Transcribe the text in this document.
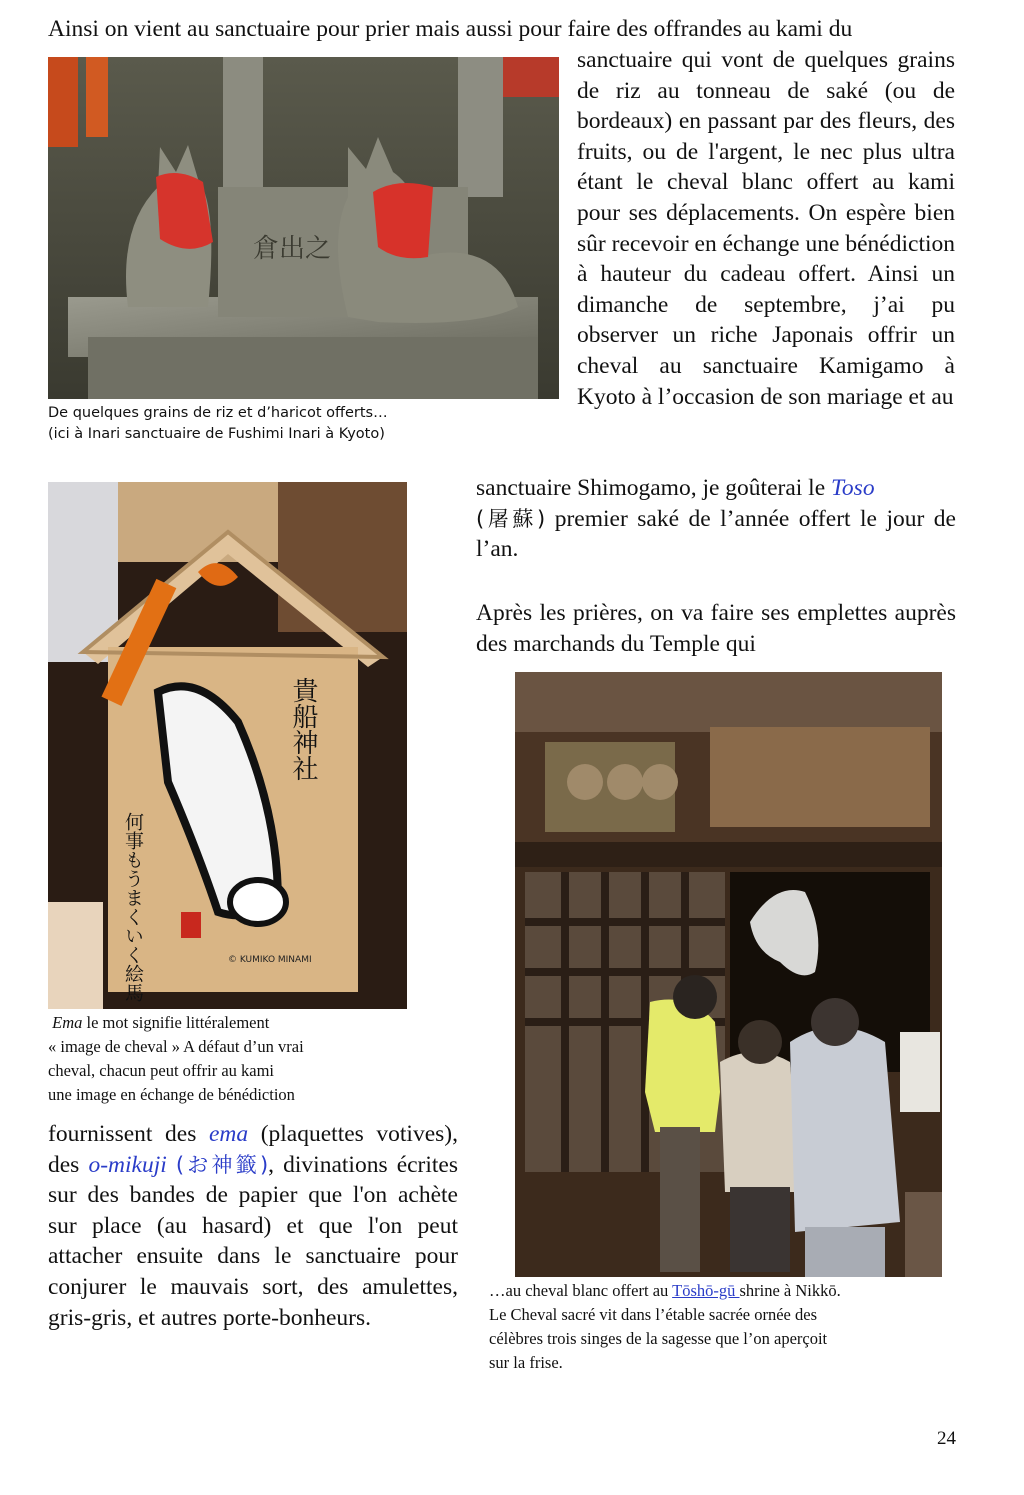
Ainsi on vient au sanctuaire pour prier mais aussi pour faire des offrandes au kami du
倉出之
De quelques grains de riz et d’haricot offerts…
(ici à Inari sanctuaire de Fushimi Inari à Kyoto)
sanctuaire qui vont de quelques grains de riz au tonneau de saké (ou de bordeaux) en passant par des fleurs, des fruits, ou de l'argent, le nec plus ultra étant le cheval blanc offert au kami pour ses déplacements. On espère bien sûr recevoir en échange une bénédiction à hauteur du cadeau offert. Ainsi un dimanche de septembre, j’ai pu observer un riche Japonais offrir un cheval au sanctuaire Kamigamo à Kyoto à l’occasion de son mariage et au
sanctuaire Shimogamo, je goûterai le Toso
(屠蘇) premier saké de l’année offert le jour de l’an.
貴船神社
何事もうまくいく絵馬	© KUMIKO MINAMI
Ema le mot signifie littéralement
« image de cheval » A défaut d’un vrai
cheval, chacun peut offrir au kami
une image en échange de bénédiction
Après les prières, on va faire ses emplettes auprès des marchands du Temple qui
…au cheval blanc offert au Tōshō-gū shrine à Nikkō.
Le Cheval sacré vit dans l’étable sacrée ornée des
célèbres trois singes de la sagesse que l’on aperçoit
sur la frise.
fournissent des ema (plaquettes votives), des o-mikuji (お神籤), divinations écrites sur des bandes de papier que l'on achète sur place (au hasard) et que l'on peut attacher ensuite dans le sanctuaire pour conjurer le mauvais sort, des amulettes, gris-gris, et autres porte-bonheurs.
24
